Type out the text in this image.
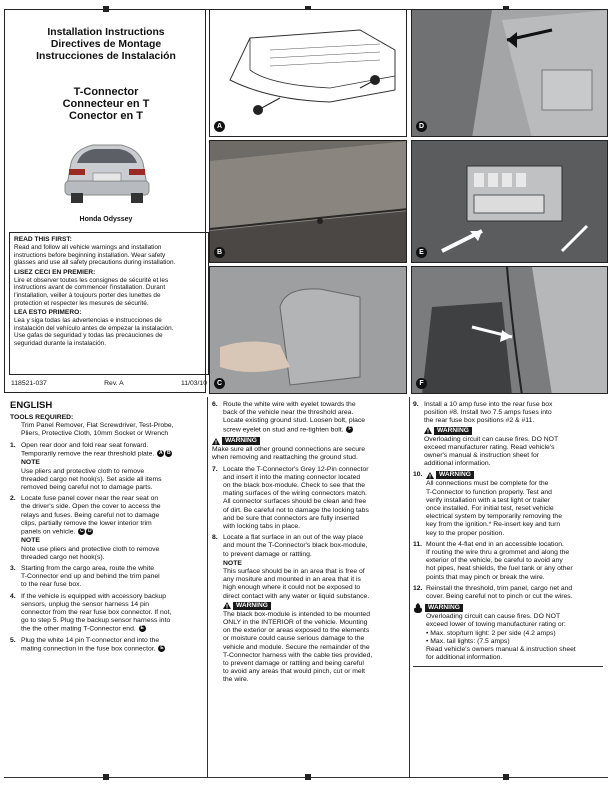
Installation Instructions
Directives de Montage
Instrucciones de Instalación
T-Connector
Connecteur en T
Conector en T
Honda Odyssey
READ THIS FIRST:
Read and follow all vehicle warnings and installation
instructions before beginning installation. Wear safety
glasses and use all safety precautions during installation.
LISEZ CECI EN PREMIER:
Lire et observer toutes les consignes de sécurité et les
instructions avant de commencer l'installation. Durant
l'installation, veiller à toujours porter des lunettes de
protection et respecter les mesures de sécurité.
LEA ESTO PRIMERO:
Lea y siga todas las advertencias e instrucciones de
instalación del vehículo antes de empezar la instalación.
Use gafas de seguridad y todas las precauciones de
seguridad durante la instalación.
118521-037	Rev. A	11/03/10
A	D
B	E
C	F
ENGLISH
TOOLS REQUIRED:
Trim Panel Remover, Flat Screwdriver, Test-Probe,
Pliers, Protective Cloth, 10mm Socket or Wrench
1. Open rear door and fold rear seat forward.
Temporarily remove the rear threshold plate. A B
NOTE
Use pliers and protective cloth to remove
threaded cargo net hook(s). Set aside all items
removed being careful not to damage parts.
2. Locate fuse panel cover near the rear seat on
the driver's side. Open the cover to access the
relays and fuses. Being careful not to damage
clips, partially remove the lower interior trim
panels on vehicle. C D
NOTE
Note use pliers and protective cloth to remove
threaded cargo net hook(s).
3. Starting from the cargo area, route the white
T-Connector end up and behind the trim panel
to the rear fuse box.
4. If the vehicle is equipped with accessory backup
sensors, unplug the sensor harness 14 pin
connector from the rear fuse box connector. If not,
go to step 5. Plug the backup sensor harness into
the the other mating T-Connector end. E
5. Plug the white 14 pin T-connector end into the
mating connection in the fuse box connector. E
6. Route the white wire with eyelet towards the
back of the vehicle near the threshold area.
Locate existing ground stud. Loosen bolt, place
screw eyelet on stud and re-tighten bolt. F
WARNING
Make sure all other ground connections are secure
when removing and reattaching the ground stud.
7. Locate the T-Connector's Grey 12-Pin connector
and insert it into the mating connector located
on the black box-module. Check to see that the
mating surfaces of the wiring connectors match.
All connector surfaces should be clean and free
of dirt. Be careful not to damage the locking tabs
and be sure that connectors are fully inserted
with locking tabs in place.
8. Locate a flat surface in an out of the way place
and mount the T-Connector's black box-module,
to prevent damage or rattling.
NOTE
This surface should be in an area that is free of
any mositure and mounted in an area that it is
high enough where it could not be exposed to
direct contact with any water or liquid substance.
WARNING
The black box-module is intended to be mounted
ONLY in the INTERIOR of the vehicle. Mounting
on the exterior or areas exposed to the elements
or moisture could cause serious damage to the
vehicle and module. Secure the remainder of the
T-Connector harness with the cable ties provided,
to prevent damage or rattling and being careful
to avoid any areas that would pinch, cut or melt
the wire.
9. Install a 10 amp fuse into the rear fuse box
position #8. Install two 7.5 amps fuses into
the rear fuse box positions #2 & #11.
WARNING
Overloading circuit can cause fires. DO NOT
exceed manufacturer rating. Read vehicle's
owner's manual & instruction sheet for
additional information.
10.	WARNING
All connections must be complete for the
T-Connector to function properly. Test and
verify installation with a test light or trailer
once installed. For initial test, reset vehicle
electrical system by temporarily removing the
key from the ignition.* Re-insert key and turn
key to the proper position.
11. Mount the 4-flat end in an accessible location.
If routing the wire thru a grommet and along the
exterior of the vehicle, be careful to avoid any
hot pipes, heat shields, the fuel tank or any other
points that may pinch or break the wire.
12. Reinstall the threshold, trim panel, cargo net and
cover. Being careful not to pinch or cut the wires.
WARNING
Overloading circuit can cause fires. DO NOT
exceed lower of towing manufacturer rating or:
• Max. stop/turn light: 2 per side (4.2 amps)
• Max. tail lights: (7.5 amps)
Read vehicle's owners manual & instruction sheet
for additional information.
